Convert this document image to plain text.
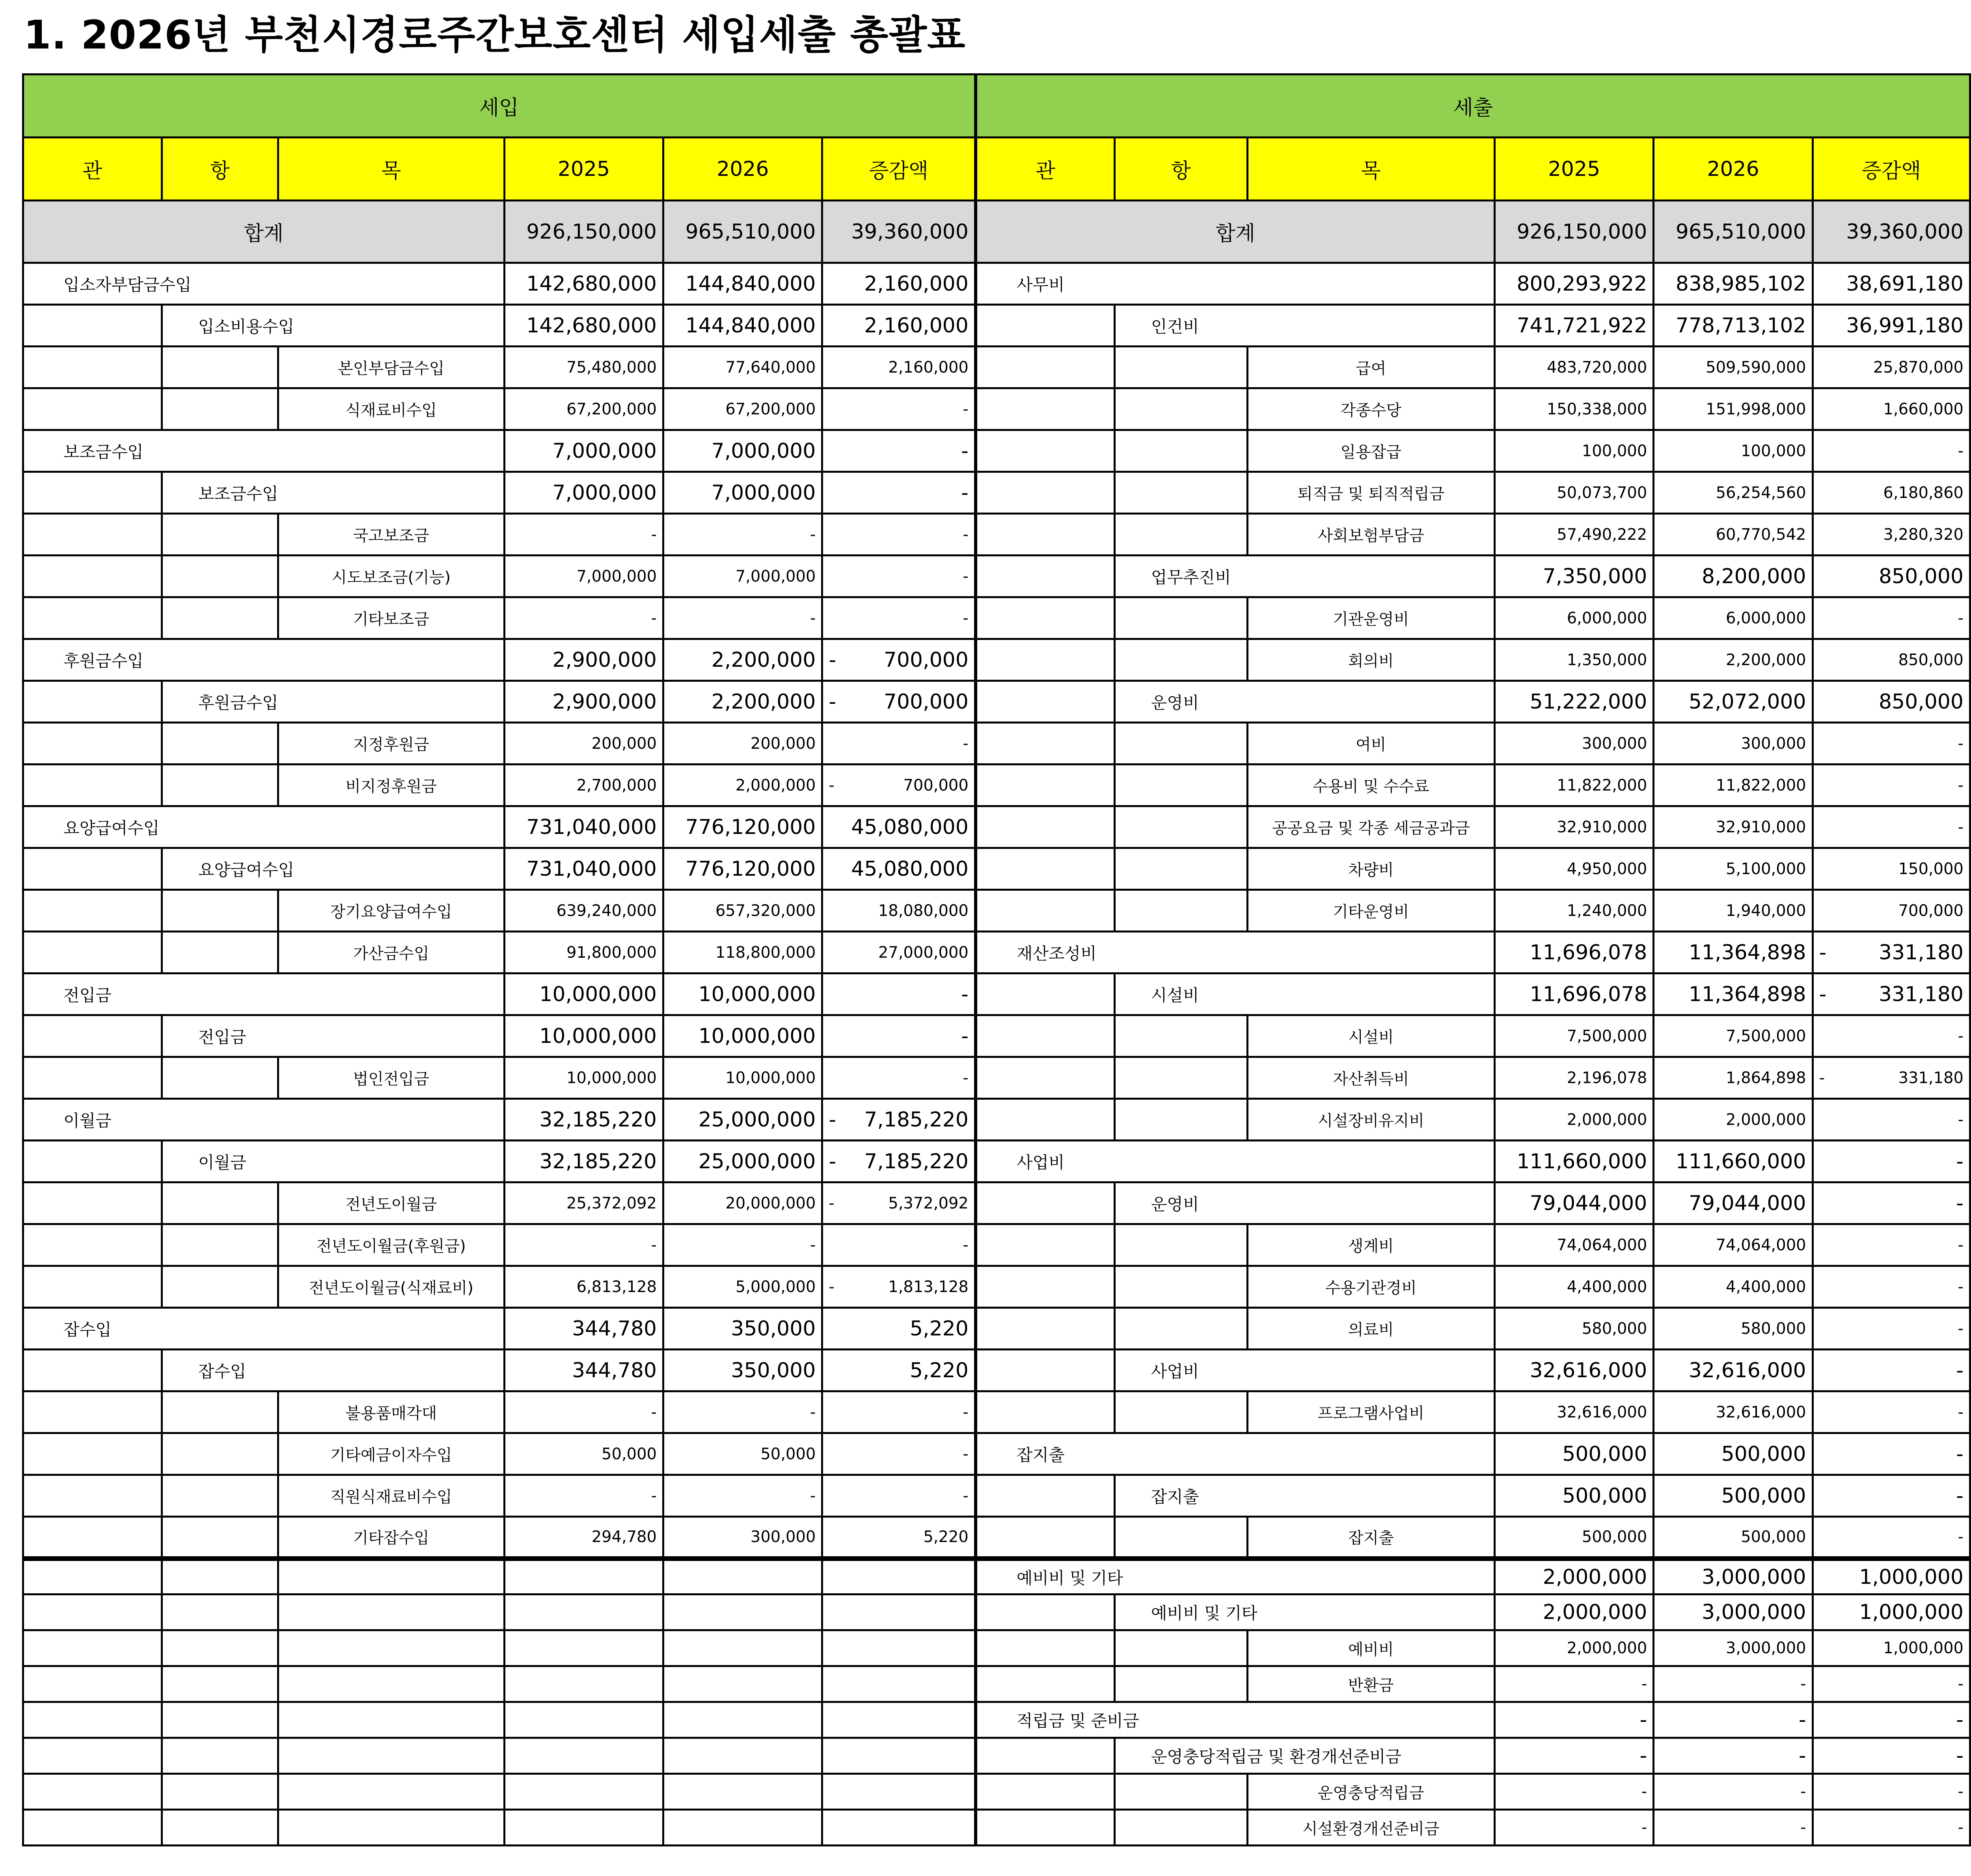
1. 2026년 부천시경로주간보호센터 세입세출 총괄표
세입						세출					
관	항	목	2025	2026	증감액	관	항	목	2025	2026	증감액
합계			926,150,000	965,510,000	39,360,000	합계			926,150,000	965,510,000	39,360,000
입소자부담금수입			142,680,000	144,840,000	2,160,000	사무비			800,293,922	838,985,102	38,691,180
	입소비용수입		142,680,000	144,840,000	2,160,000		인건비		741,721,922	778,713,102	36,991,180
		본인부담금수입	75,480,000	77,640,000	2,160,000			급여	483,720,000	509,590,000	25,870,000
		식재료비수입	67,200,000	67,200,000	-			각종수당	150,338,000	151,998,000	1,660,000
보조금수입			7,000,000	7,000,000	-			일용잡급	100,000	100,000	-
	보조금수입		7,000,000	7,000,000	-			퇴직금 및 퇴직적립금	50,073,700	56,254,560	6,180,860
		국고보조금	-	-	-			사회보험부담금	57,490,222	60,770,542	3,280,320
		시도보조금(기능)	7,000,000	7,000,000	-		업무추진비		7,350,000	8,200,000	850,000
		기타보조금	-	-	-			기관운영비	6,000,000	6,000,000	-
후원금수입			2,900,000	2,200,000	- 700,000			회의비	1,350,000	2,200,000	850,000
	후원금수입		2,900,000	2,200,000	- 700,000		운영비		51,222,000	52,072,000	850,000
		지정후원금	200,000	200,000	-			여비	300,000	300,000	-
		비지정후원금	2,700,000	2,000,000	- 700,000			수용비 및 수수료	11,822,000	11,822,000	-
요양급여수입			731,040,000	776,120,000	45,080,000			공공요금 및 각종 세금공과금	32,910,000	32,910,000	-
	요양급여수입		731,040,000	776,120,000	45,080,000			차량비	4,950,000	5,100,000	150,000
		장기요양급여수입	639,240,000	657,320,000	18,080,000			기타운영비	1,240,000	1,940,000	700,000
		가산금수입	91,800,000	118,800,000	27,000,000	재산조성비			11,696,078	11,364,898	- 331,180
전입금			10,000,000	10,000,000	-		시설비		11,696,078	11,364,898	- 331,180
	전입금		10,000,000	10,000,000	-			시설비	7,500,000	7,500,000	-
		법인전입금	10,000,000	10,000,000	-			자산취득비	2,196,078	1,864,898	- 331,180
이월금			32,185,220	25,000,000	- 7,185,220			시설장비유지비	2,000,000	2,000,000	-
	이월금		32,185,220	25,000,000	- 7,185,220	사업비			111,660,000	111,660,000	-
		전년도이월금	25,372,092	20,000,000	- 5,372,092		운영비		79,044,000	79,044,000	-
		전년도이월금(후원금)	-	-	-			생계비	74,064,000	74,064,000	-
		전년도이월금(식재료비)	6,813,128	5,000,000	- 1,813,128			수용기관경비	4,400,000	4,400,000	-
잡수입			344,780	350,000	5,220			의료비	580,000	580,000	-
	잡수입		344,780	350,000	5,220		사업비		32,616,000	32,616,000	-
		불용품매각대	-	-	-			프로그램사업비	32,616,000	32,616,000	-
		기타예금이자수입	50,000	50,000	-	잡지출			500,000	500,000	-
		직원식재료비수입	-	-	-		잡지출		500,000	500,000	-
		기타잡수입	294,780	300,000	5,220			잡지출	500,000	500,000	-
						예비비 및 기타			2,000,000	3,000,000	1,000,000
							예비비 및 기타		2,000,000	3,000,000	1,000,000
								예비비	2,000,000	3,000,000	1,000,000
								반환금	-	-	-
						적립금 및 준비금			-	-	-
							운영충당적립금 및 환경개선준비금		-	-	-
								운영충당적립금	-	-	-
								시설환경개선준비금	-	-	-
